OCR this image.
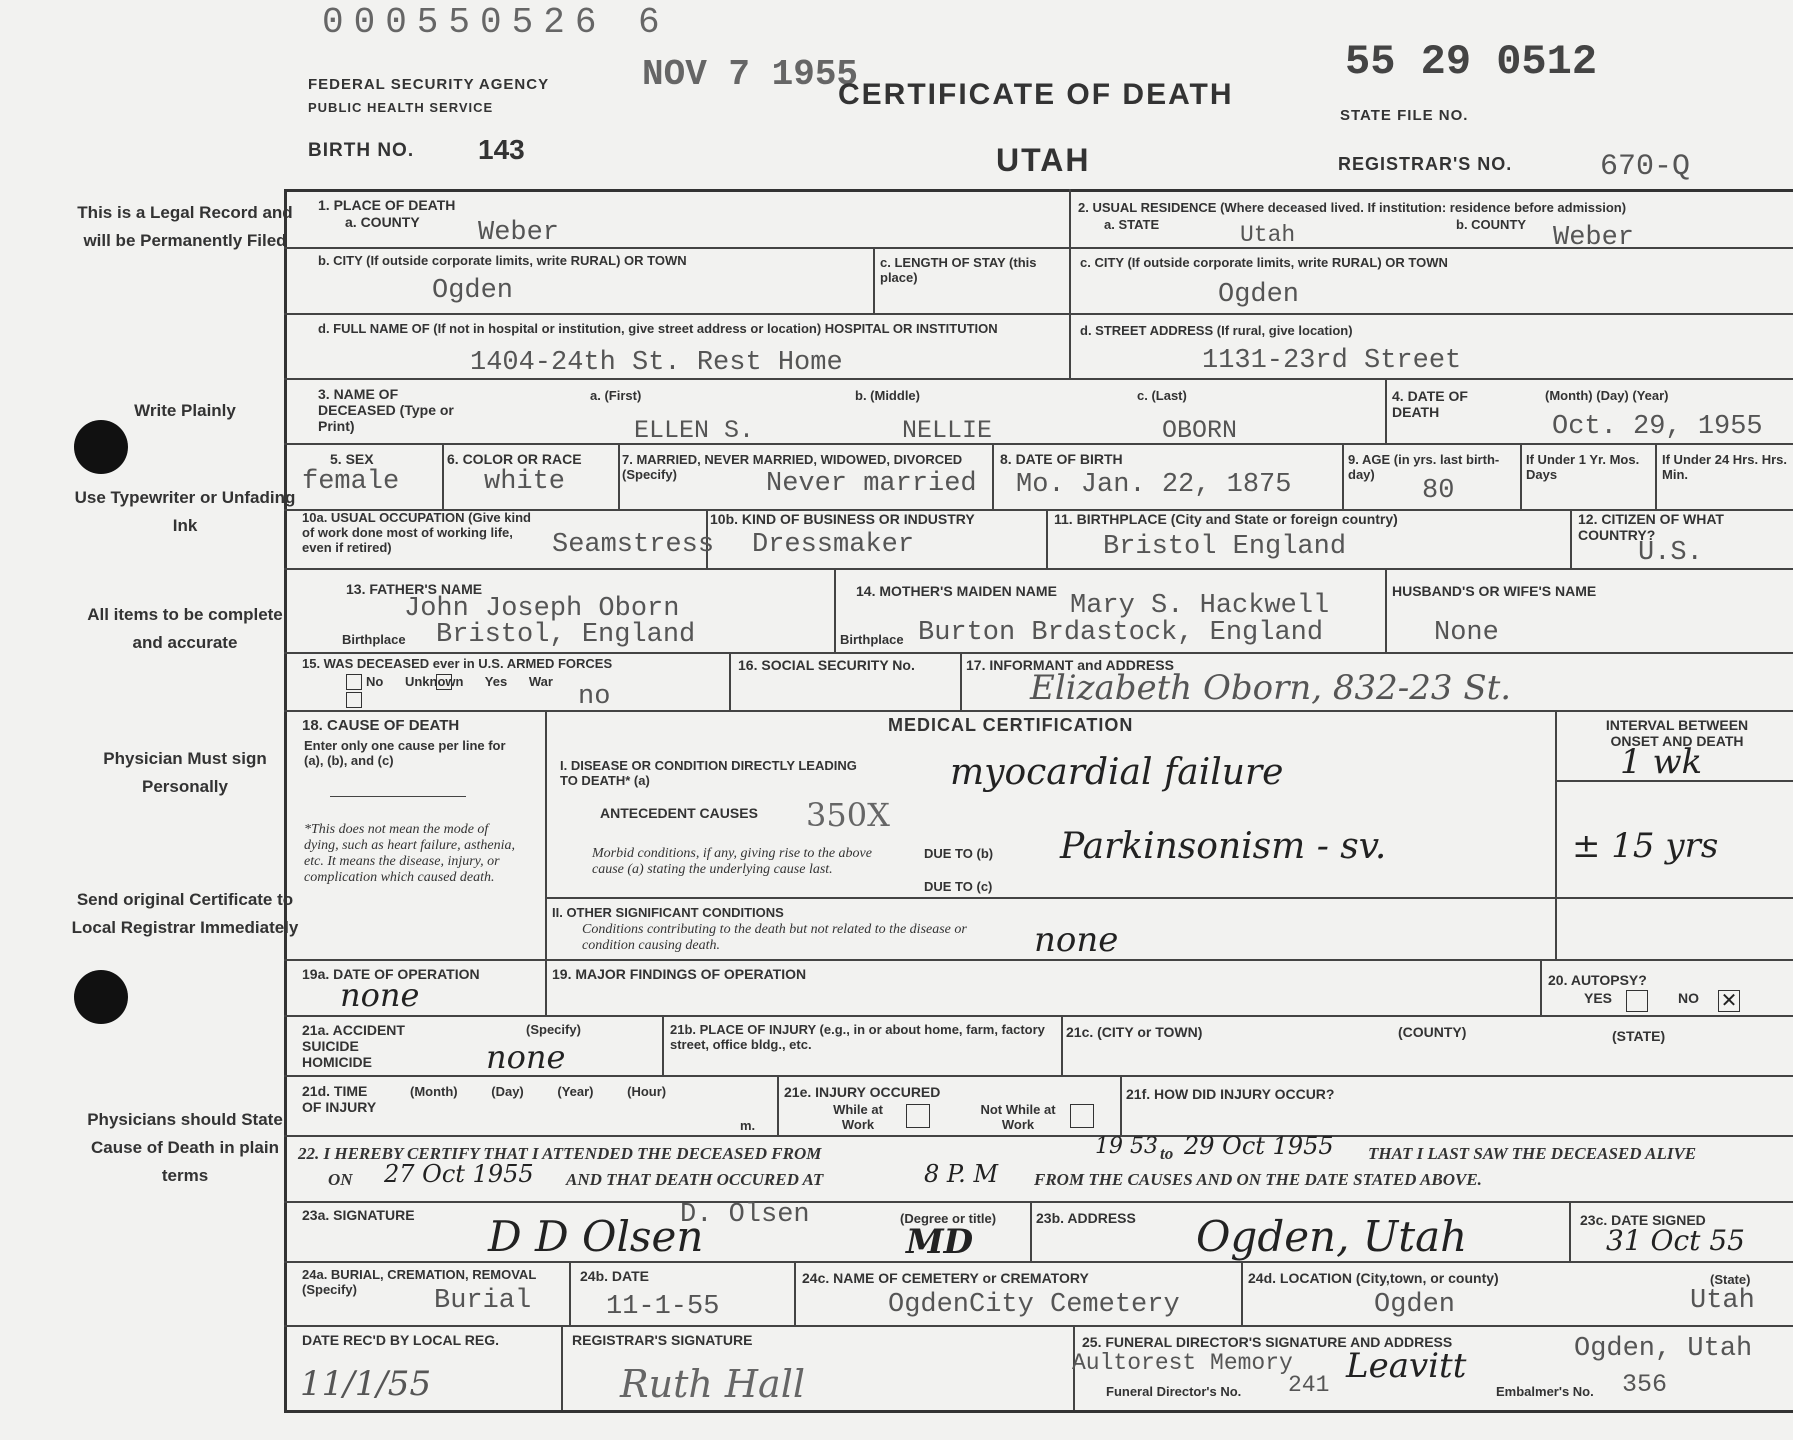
000550526 6
FEDERAL SECURITY AGENCY
PUBLIC HEALTH SERVICE
NOV 7 1955
CERTIFICATE OF DEATH
UTAH
55 29 0512
STATE FILE NO.
BIRTH NO. 143	REGISTRAR'S NO.	670-Q
This is a Legal Record and will be Permanently Filed
Write Plainly
Use Typewriter or Unfading Ink
All items to be complete and accurate
Physician Must sign Personally
Send original Certificate to Local Registrar Immediately
Physicians should State Cause of Death in plain terms
1. PLACE OF DEATH
a. COUNTY Weber
2. USUAL RESIDENCE (Where deceased lived. If institution: residence before admission)
a. STATE	Utah	b. COUNTY Weber
b. CITY (If outside corporate limits, write RURAL) OR TOWN
Ogden
c. LENGTH OF STAY (this place)
c. CITY (If outside corporate limits, write RURAL) OR TOWN
Ogden
d. FULL NAME OF (If not in hospital or institution, give street address or location) HOSPITAL OR INSTITUTION
1404-24th St. Rest Home
d. STREET ADDRESS (If rural, give location)
1131-23rd Street
3. NAME OF DECEASED (Type or Print)
a. (First)	b. (Middle)	c. (Last)
ELLEN S.	NELLIE	OBORN
4. DATE OF DEATH
(Month) (Day) (Year)
Oct. 29, 1955
5. SEX
female
6. COLOR OR RACE
white
7. MARRIED, NEVER MARRIED, WIDOWED, DIVORCED (Specify)	Never married
8. DATE OF BIRTH
Mo. Jan. 22, 1875
9. AGE (in yrs. last birth-day)
80
If Under 1 Yr. Mos. Days
If Under 24 Hrs. Hrs. Min.
10a. USUAL OCCUPATION (Give kind of work done most of working life, even if retired)	Seamstress
10b. KIND OF BUSINESS OR INDUSTRY
Dressmaker
11. BIRTHPLACE (City and State or foreign country)
Bristol England
12. CITIZEN OF WHAT COUNTRY?
U.S.
13. FATHER'S NAME
John Joseph Oborn
Birthplace Bristol, England
14. MOTHER'S MAIDEN NAME Mary S. Hackwell
Birthplace Burton Brdastock, England
HUSBAND'S OR WIFE'S NAME
None
15. WAS DECEASED ever in U.S. ARMED FORCES
No Unknown Yes War
no
16. SOCIAL SECURITY No.	17. INFORMANT and ADDRESS
Elizabeth Oborn, 832-23 St.
18. CAUSE OF DEATH
Enter only one cause per line for (a), (b), and (c)
*This does not mean the mode of dying, such as heart failure, asthenia, etc. It means the disease, injury, or complication which caused death.
MEDICAL CERTIFICATION	INTERVAL BETWEEN ONSET AND DEATH
I. DISEASE OR CONDITION DIRECTLY LEADING TO DEATH* (a)	myocardial failure	1 wk
ANTECEDENT CAUSES 350X
Morbid conditions, if any, giving rise to the above cause (a) stating the underlying cause last.
DUE TO (b) Parkinsonism - sv.	± 15 yrs
DUE TO (c)
II. OTHER SIGNIFICANT CONDITIONS
Conditions contributing to the death but not related to the disease or condition causing death.	none
19a. DATE OF OPERATION
none
19. MAJOR FINDINGS OF OPERATION	20. AUTOPSY?
YES	NO ✕
21a. ACCIDENT SUICIDE HOMICIDE
(Specify)
none
21b. PLACE OF INJURY (e.g., in or about home, farm, factory street, office bldg., etc.
21c. (CITY or TOWN)	(COUNTY)	(STATE)
21d. TIME OF INJURY
(Month) (Day) (Year) (Hour)
m.
21e. INJURY OCCURED
While at Work
Not While at Work
21f. HOW DID INJURY OCCUR?
22. I HEREBY CERTIFY THAT I ATTENDED THE DECEASED FROM	19 53 to 29 Oct 1955 THAT I LAST SAW THE DECEASED ALIVE
ON 27 Oct 1955 AND THAT DEATH OCCURED AT	8 P. M FROM THE CAUSES AND ON THE DATE STATED ABOVE.
23a. SIGNATURE D D Olsen
D. Olsen	(Degree or title)
MD
23b. ADDRESS Ogden, Utah	23c. DATE SIGNED
31 Oct 55
24a. BURIAL, CREMATION, REMOVAL (Specify)	Burial
24b. DATE
11-1-55
24c. NAME OF CEMETERY or CREMATORY
OgdenCity Cemetery
24d. LOCATION (City,town, or county)	(State)
Ogden	Utah
DATE REC'D BY LOCAL REG.
11/1/55
REGISTRAR'S SIGNATURE
Ruth Hall
25. FUNERAL DIRECTOR'S SIGNATURE AND ADDRESS
Aultorest Memory Leavitt	Ogden, Utah
Funeral Director's No. 241	Embalmer's No. 356
